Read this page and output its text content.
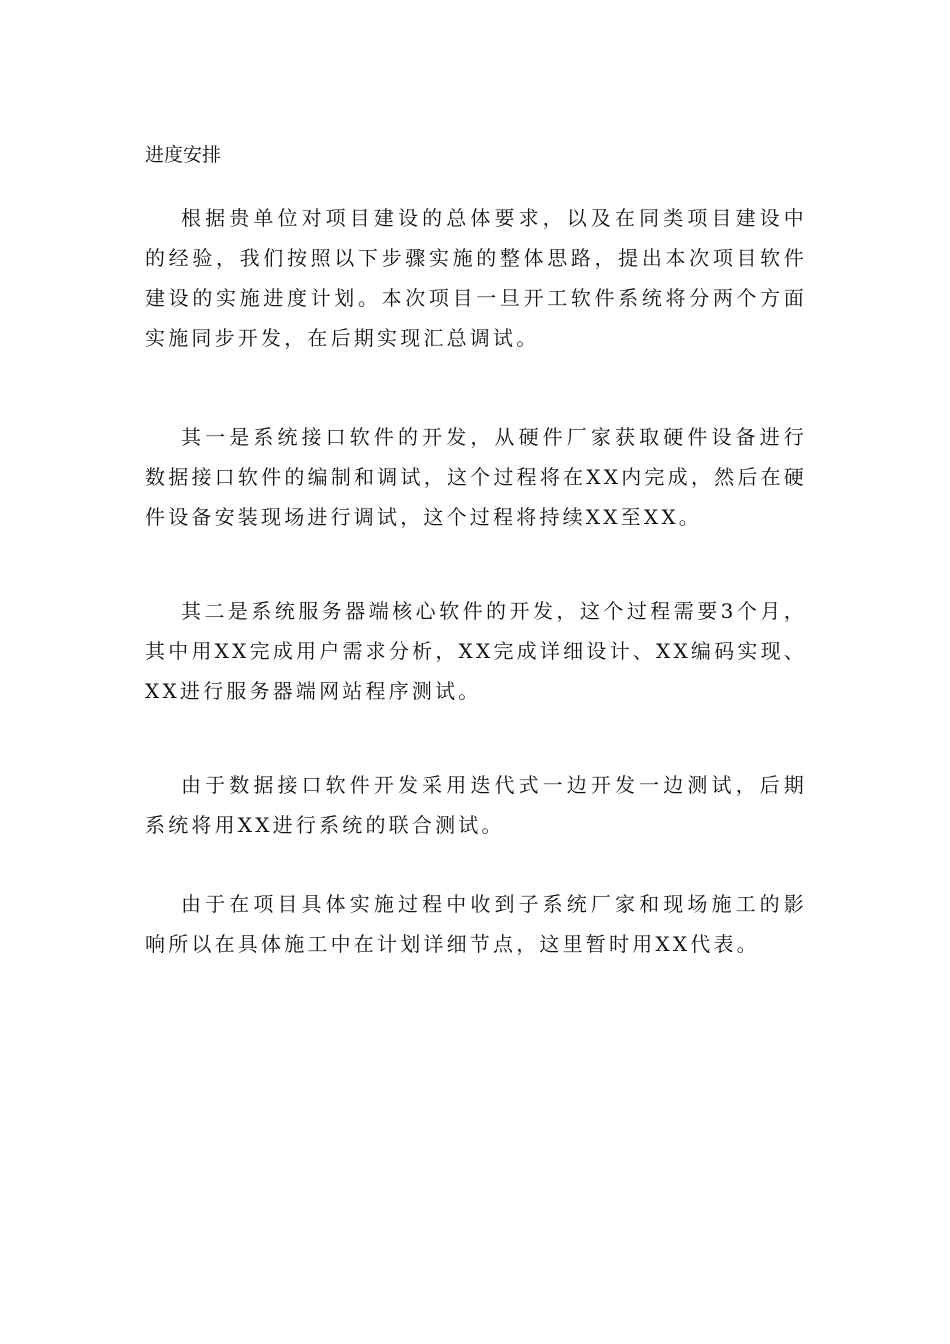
进度安排

根据贵单位对项目建设的总体要求，以及在同类项目建设中的经验，我们按照以下步骤实施的整体思路，提出本次项目软件建设的实施进度计划。本次项目一旦开工软件系统将分两个方面实施同步开发，在后期实现汇总调试。

其一是系统接口软件的开发，从硬件厂家获取硬件设备进行数据接口软件的编制和调试，这个过程将在XX内完成，然后在硬件设备安装现场进行调试，这个过程将持续XX至XX。

其二是系统服务器端核心软件的开发，这个过程需要3个月，其中用XX完成用户需求分析，XX完成详细设计、XX编码实现、XX进行服务器端网站程序测试。

由于数据接口软件开发采用迭代式一边开发一边测试，后期系统将用XX进行系统的联合测试。

由于在项目具体实施过程中收到子系统厂家和现场施工的影响所以在具体施工中在计划详细节点，这里暂时用XX代表。
